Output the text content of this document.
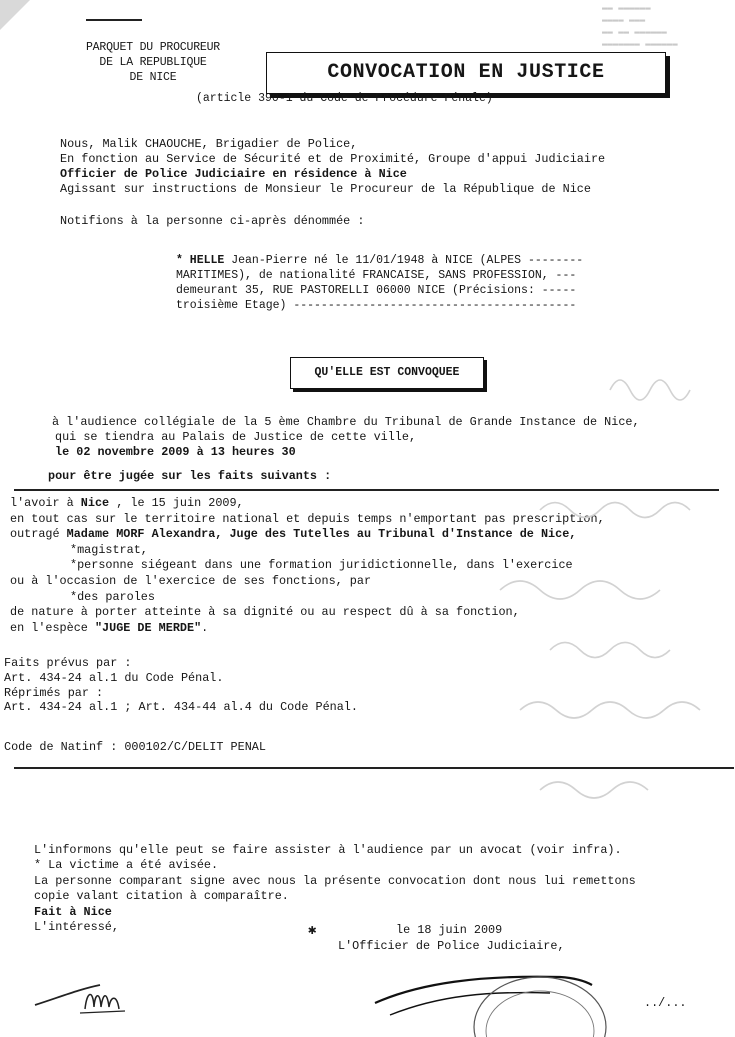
▬▬ ▬▬▬▬▬▬
▬▬▬▬ ▬▬▬
▬▬ ▬▬ ▬▬▬▬▬▬
▬▬▬▬▬▬▬ ▬▬▬▬▬▬
PARQUET DU PROCUREUR
DE LA REPUBLIQUE
DE NICE	CONVOCATION EN JUSTICE
(article 390-1 du Code de Procédure Pénale)
Nous, Malik CHAOUCHE, Brigadier de Police,
En fonction au Service de Sécurité et de Proximité, Groupe d'appui Judiciaire
Officier de Police Judiciaire en résidence à Nice
Agissant sur instructions de Monsieur le Procureur de la République de Nice
Notifions à la personne ci-après dénommée :
* HELLE Jean-Pierre né le 11/01/1948 à NICE (ALPES --------
MARITIMES), de nationalité FRANCAISE, SANS PROFESSION, ---
demeurant 35, RUE PASTORELLI 06000 NICE (Précisions: -----
troisième Etage) -----------------------------------------
QU'ELLE EST CONVOQUEE
à l'audience collégiale de la 5 ème Chambre du Tribunal de Grande Instance de Nice,
qui se tiendra au Palais de Justice de cette ville,
le 02 novembre 2009 à 13 heures 30
pour être jugée sur les faits suivants :
l'avoir à Nice , le 15 juin 2009,
en tout cas sur le territoire national et depuis temps n'emportant pas prescription,
outragé Madame MORF Alexandra, Juge des Tutelles au Tribunal d'Instance de Nice,
*magistrat,
*personne siégeant dans une formation juridictionnelle, dans l'exercice
ou à l'occasion de l'exercice de ses fonctions, par
*des paroles
de nature à porter atteinte à sa dignité ou au respect dû à sa fonction,
en l'espèce "JUGE DE MERDE".
Faits prévus par :
Art. 434-24 al.1 du Code Pénal.
Réprimés par :
Art. 434-24 al.1 ; Art. 434-44 al.4 du Code Pénal.
Code de Natinf : 000102/C/DELIT PENAL
L'informons qu'elle peut se faire assister à l'audience par un avocat (voir infra).
* La victime a été avisée.
La personne comparant signe avec nous la présente convocation dont nous lui remettons
copie valant citation à comparaître.
Fait à Nice
L'intéressé,	✱	le 18 juin 2009
L'Officier de Police Judiciaire,
../...
